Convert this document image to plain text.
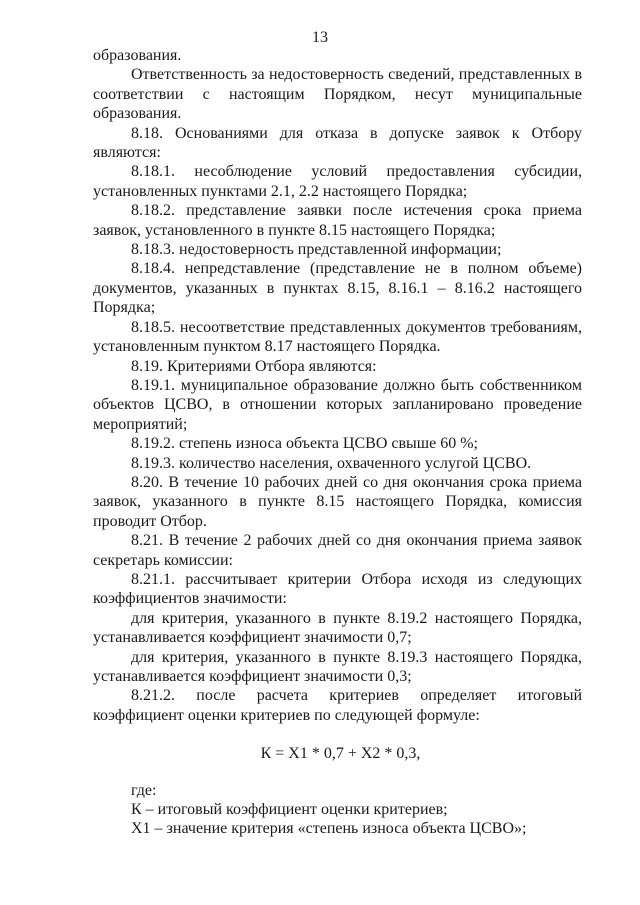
13

образования.

Ответственность за недостоверность сведений, представленных в соответствии с настоящим Порядком, несут муниципальные образования.

8.18. Основаниями для отказа в допуске заявок к Отбору являются:

8.18.1. несоблюдение условий предоставления субсидии, установленных пунктами 2.1, 2.2 настоящего Порядка;

8.18.2. представление заявки после истечения срока приема заявок, установленного в пункте 8.15 настоящего Порядка;

8.18.3. недостоверность представленной информации;

8.18.4. непредставление (представление не в полном объеме) документов, указанных в пунктах 8.15, 8.16.1 – 8.16.2 настоящего Порядка;

8.18.5. несоответствие представленных документов требованиям, установленным пунктом 8.17 настоящего Порядка.

8.19. Критериями Отбора являются:

8.19.1. муниципальное образование должно быть собственником объектов ЦСВО, в отношении которых запланировано проведение мероприятий;

8.19.2. степень износа объекта ЦСВО свыше 60 %;

8.19.3. количество населения, охваченного услугой ЦСВО.

8.20. В течение 10 рабочих дней со дня окончания срока приема заявок, указанного в пункте 8.15 настоящего Порядка, комиссия проводит Отбор.

8.21. В течение 2 рабочих дней со дня окончания приема заявок секретарь комиссии:

8.21.1. рассчитывает критерии Отбора исходя из следующих коэффициентов значимости:

для критерия, указанного в пункте 8.19.2 настоящего Порядка, устанавливается коэффициент значимости 0,7;

для критерия, указанного в пункте 8.19.3 настоящего Порядка, устанавливается коэффициент значимости 0,3;

8.21.2. после расчета критериев определяет итоговый коэффициент оценки критериев по следующей формуле:

К = Х1 * 0,7 + Х2 * 0,3,

где:

К – итоговый коэффициент оценки критериев;

Х1 – значение критерия «степень износа объекта ЦСВО»;
